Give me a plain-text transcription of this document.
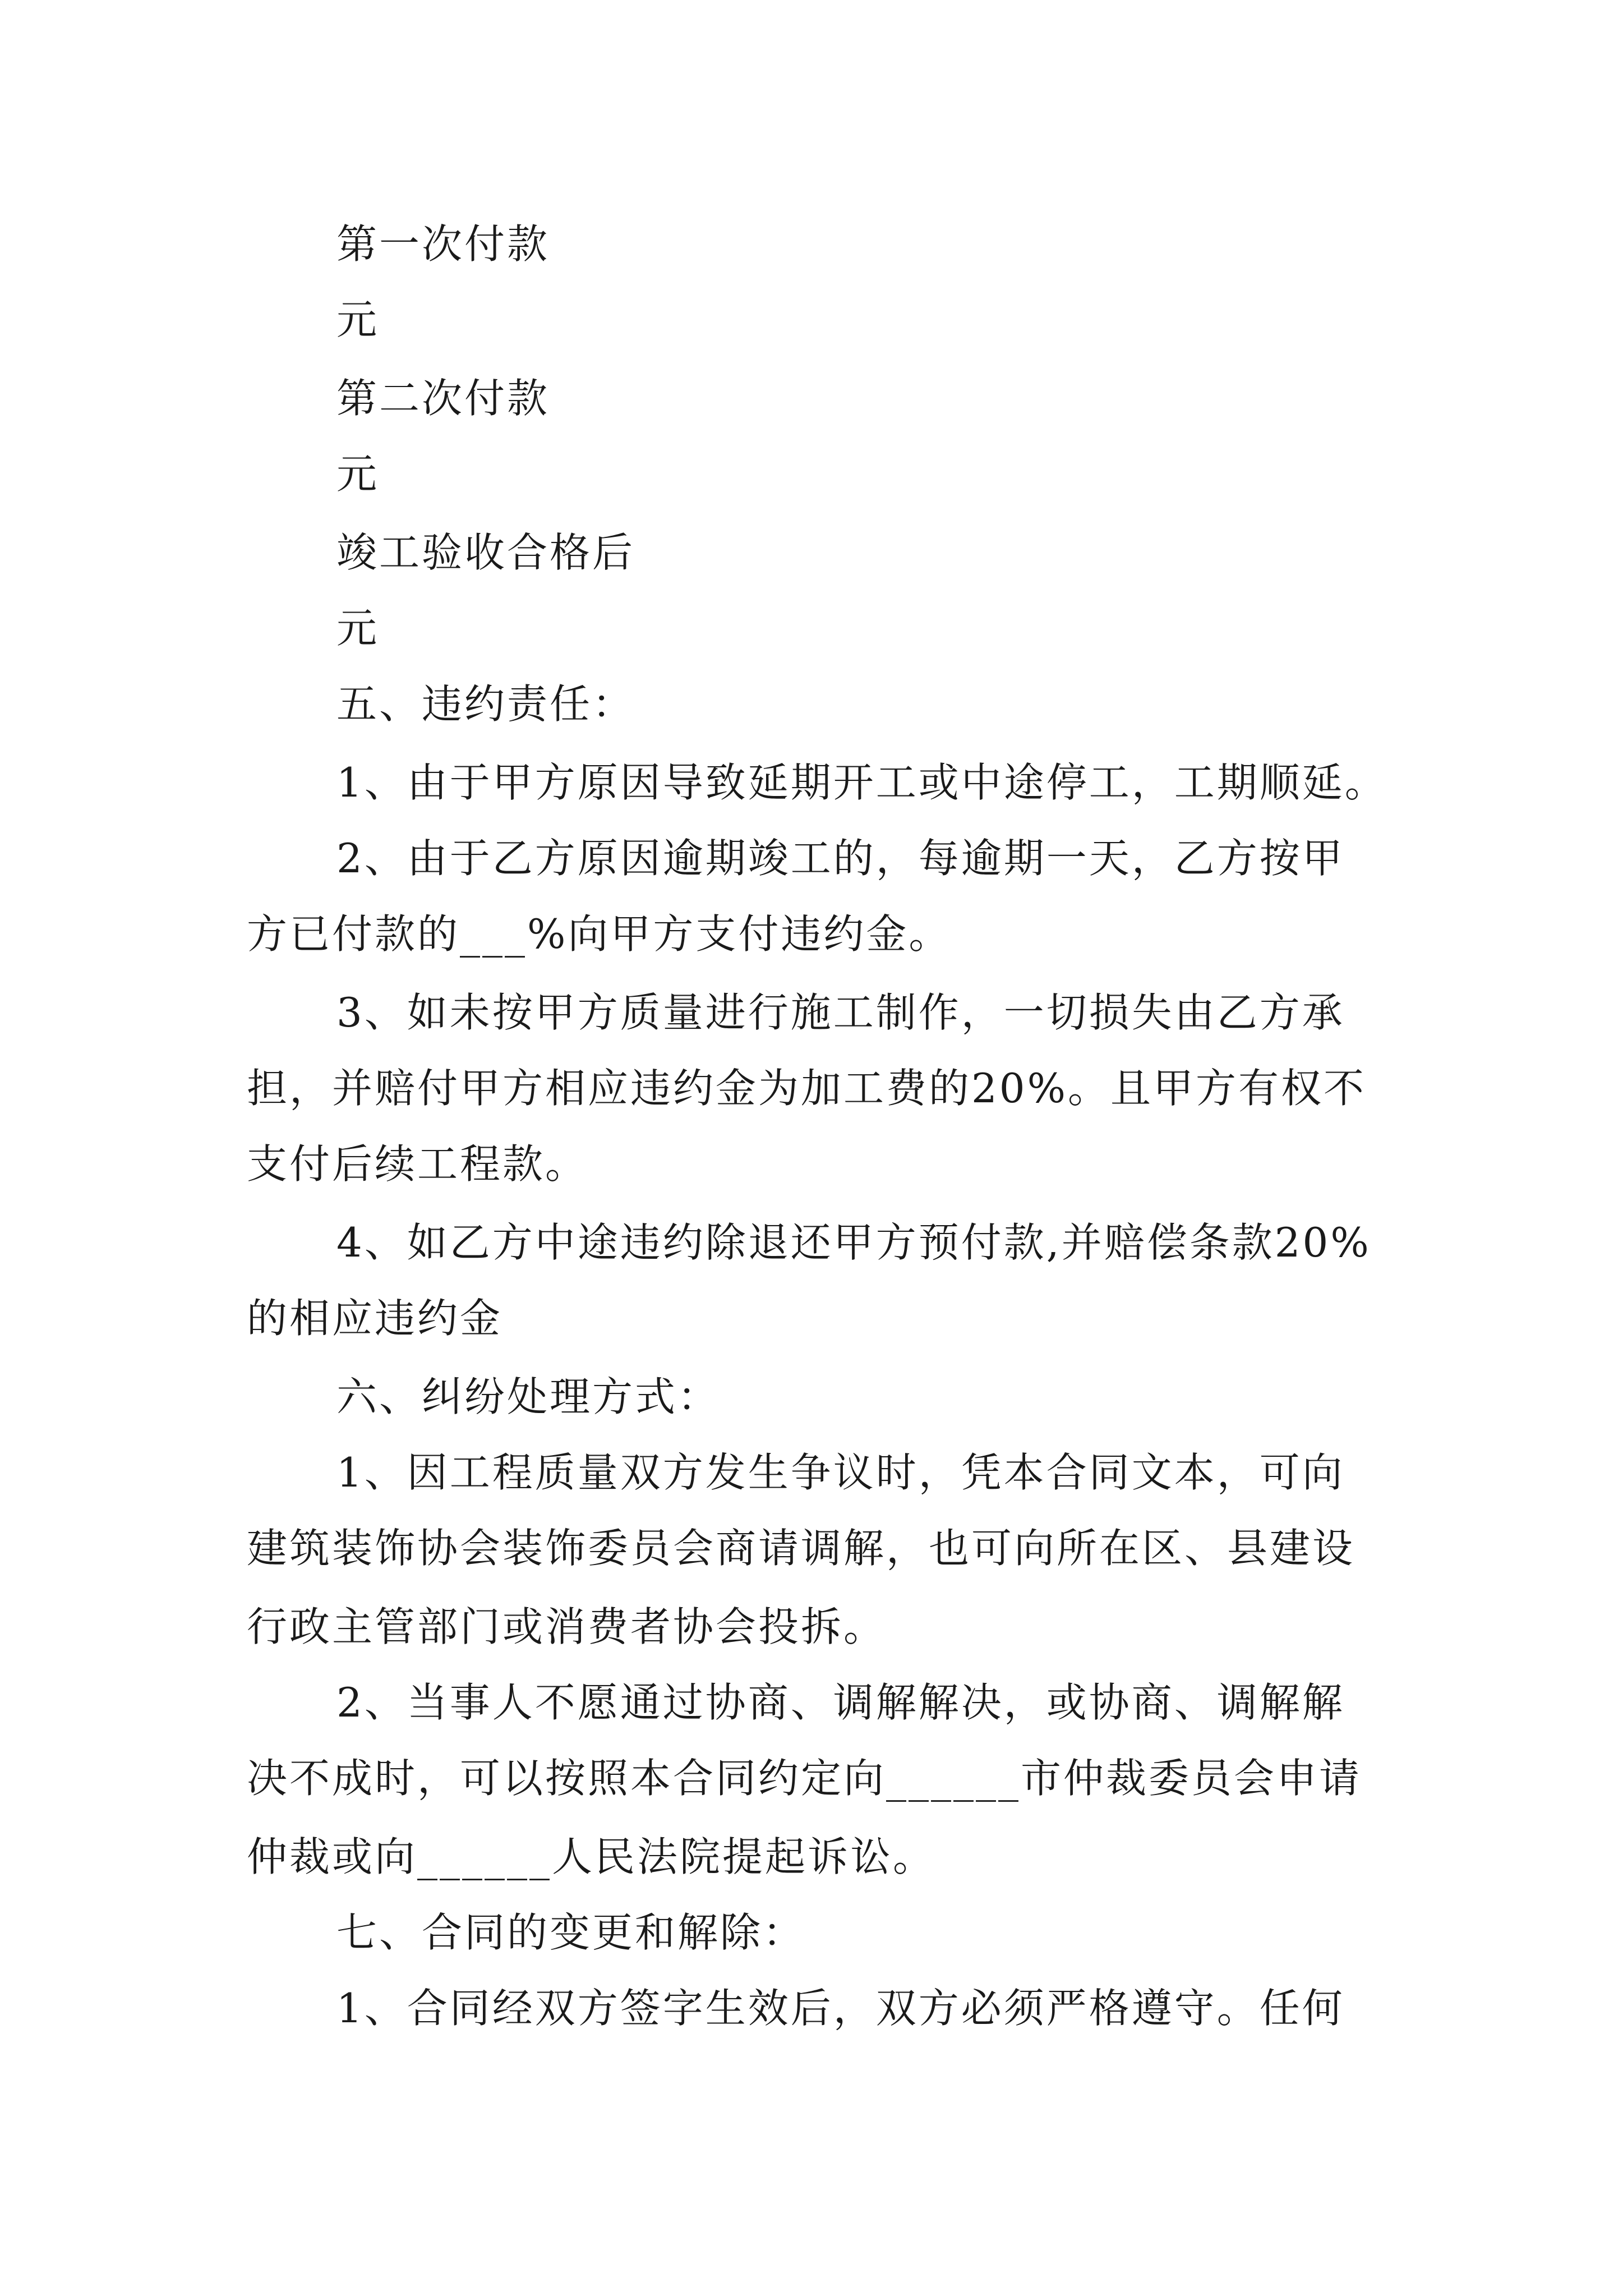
第一次付款
元
第二次付款
元
竣工验收合格后
元
五、违约责任：
1、由于甲方原因导致延期开工或中途停工，工期顺延。
2、由于乙方原因逾期竣工的，每逾期一天，乙方按甲
方已付款的___%向甲方支付违约金。
3、如未按甲方质量进行施工制作，一切损失由乙方承
担，并赔付甲方相应违约金为加工费的20%。且甲方有权不
支付后续工程款。
4、如乙方中途违约除退还甲方预付款,并赔偿条款20%
的相应违约金
六、纠纷处理方式：
1、因工程质量双方发生争议时，凭本合同文本，可向
建筑装饰协会装饰委员会商请调解，也可向所在区、县建设
行政主管部门或消费者协会投拆。
2、当事人不愿通过协商、调解解决，或协商、调解解
决不成时，可以按照本合同约定向______市仲裁委员会申请
仲裁或向______人民法院提起诉讼。
七、合同的变更和解除：
1、合同经双方签字生效后，双方必须严格遵守。任何
